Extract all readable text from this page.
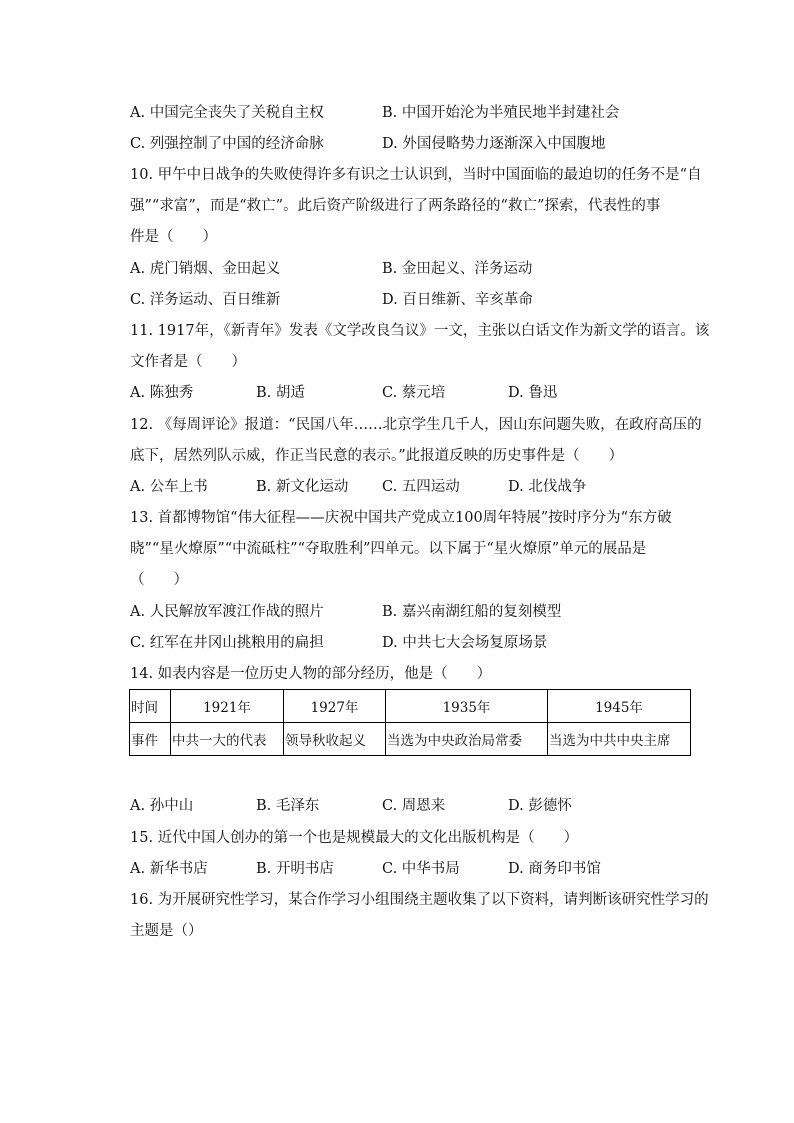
A. 中国完全丧失了关税自主权	B. 中国开始沦为半殖民地半封建社会
C. 列强控制了中国的经济命脉	D. 外国侵略势力逐渐深入中国腹地
10. 甲午中日战争的失败使得许多有识之士认识到，当时中国面临的最迫切的任务不是“自
强”“求富”，而是“救亡”。此后资产阶级进行了两条路径的“救亡”探索，代表性的事
件是（　　）
A. 虎门销烟、金田起义	B. 金田起义、洋务运动
C. 洋务运动、百日维新	D. 百日维新、辛亥革命
11. 1917年，《新青年》发表《文学改良刍议》一文，主张以白话文作为新文学的语言。该
文作者是（　　）
A. 陈独秀	B. 胡适	C. 蔡元培	D. 鲁迅
12. 《每周评论》报道：“民国八年……北京学生几千人，因山东问题失败，在政府高压的
底下，居然列队示威，作正当民意的表示。”此报道反映的历史事件是（　　）
A. 公车上书	B. 新文化运动 C. 五四运动	D. 北伐战争
13. 首都博物馆“伟大征程——庆祝中国共产党成立100周年特展”按时序分为“东方破
晓”“星火燎原”“中流砥柱”“夺取胜利”四单元。以下属于“星火燎原”单元的展品是
（　　）
A. 人民解放军渡江作战的照片	B. 嘉兴南湖红船的复刻模型
C. 红军在井冈山挑粮用的扁担	D. 中共七大会场复原场景
14. 如表内容是一位历史人物的部分经历，他是（　　）
时间	1921年	1927年	1935年	1945年
事件	中共一大的代表	领导秋收起义	当选为中央政治局常委	当选为中共中央主席
A. 孙中山	B. 毛泽东	C. 周恩来	D. 彭德怀
15. 近代中国人创办的第一个也是规模最大的文化出版机构是（　　）
A. 新华书店	B. 开明书店	C. 中华书局	D. 商务印书馆
16. 为开展研究性学习，某合作学习小组围绕主题收集了以下资料，请判断该研究性学习的
主题是（）
